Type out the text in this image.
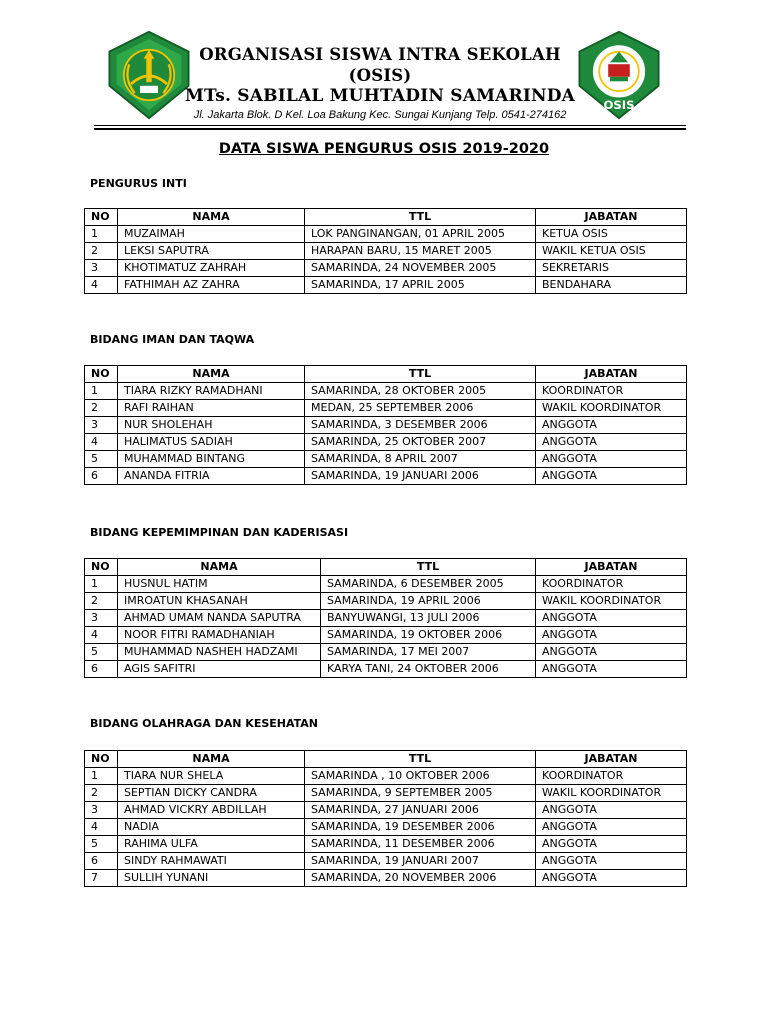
ORGANISASI SISWA INTRA SEKOLAH
(OSIS)
MTs. SABILAL MUHTADIN SAMARINDA
Jl. Jakarta Blok. D Kel. Loa Bakung Kec. Sungai Kunjang Telp. 0541-274162
OSIS
DATA SISWA PENGURUS OSIS 2019-2020
PENGURUS INTI
NO	NAMA	TTL	JABATAN
1	MUZAIMAH	LOK PANGINANGAN, 01 APRIL 2005	KETUA OSIS
2	LEKSI SAPUTRA	HARAPAN BARU, 15 MARET 2005	WAKIL KETUA OSIS
3	KHOTIMATUZ ZAHRAH	SAMARINDA, 24 NOVEMBER 2005	SEKRETARIS
4	FATHIMAH AZ ZAHRA	SAMARINDA, 17 APRIL 2005	BENDAHARA
BIDANG IMAN DAN TAQWA
NO	NAMA	TTL	JABATAN
1	TIARA RIZKY RAMADHANI	SAMARINDA, 28 OKTOBER 2005	KOORDINATOR
2	RAFI RAIHAN	MEDAN, 25 SEPTEMBER 2006	WAKIL KOORDINATOR
3	NUR SHOLEHAH	SAMARINDA, 3 DESEMBER 2006	ANGGOTA
4	HALIMATUS SADIAH	SAMARINDA, 25 OKTOBER 2007	ANGGOTA
5	MUHAMMAD BINTANG	SAMARINDA, 8 APRIL 2007	ANGGOTA
6	ANANDA FITRIA	SAMARINDA, 19 JANUARI 2006	ANGGOTA
BIDANG KEPEMIMPINAN DAN KADERISASI
NO	NAMA	TTL	JABATAN
1	HUSNUL HATIM	SAMARINDA, 6 DESEMBER 2005	KOORDINATOR
2	IMROATUN KHASANAH	SAMARINDA, 19 APRIL 2006	WAKIL KOORDINATOR
3	AHMAD UMAM NANDA SAPUTRA	BANYUWANGI, 13 JULI 2006	ANGGOTA
4	NOOR FITRI RAMADHANIAH	SAMARINDA, 19 OKTOBER 2006	ANGGOTA
5	MUHAMMAD NASHEH HADZAMI	SAMARINDA, 17 MEI 2007	ANGGOTA
6	AGIS SAFITRI	KARYA TANI, 24 OKTOBER 2006	ANGGOTA
BIDANG OLAHRAGA DAN KESEHATAN
NO	NAMA	TTL	JABATAN
1	TIARA NUR SHELA	SAMARINDA , 10 OKTOBER 2006	KOORDINATOR
2	SEPTIAN DICKY CANDRA	SAMARINDA, 9 SEPTEMBER 2005	WAKIL KOORDINATOR
3	AHMAD VICKRY ABDILLAH	SAMARINDA, 27 JANUARI 2006	ANGGOTA
4	NADIA	SAMARINDA, 19 DESEMBER 2006	ANGGOTA
5	RAHIMA ULFA	SAMARINDA, 11 DESEMBER 2006	ANGGOTA
6	SINDY RAHMAWATI	SAMARINDA, 19 JANUARI 2007	ANGGOTA
7	SULLIH YUNANI	SAMARINDA, 20 NOVEMBER 2006	ANGGOTA
